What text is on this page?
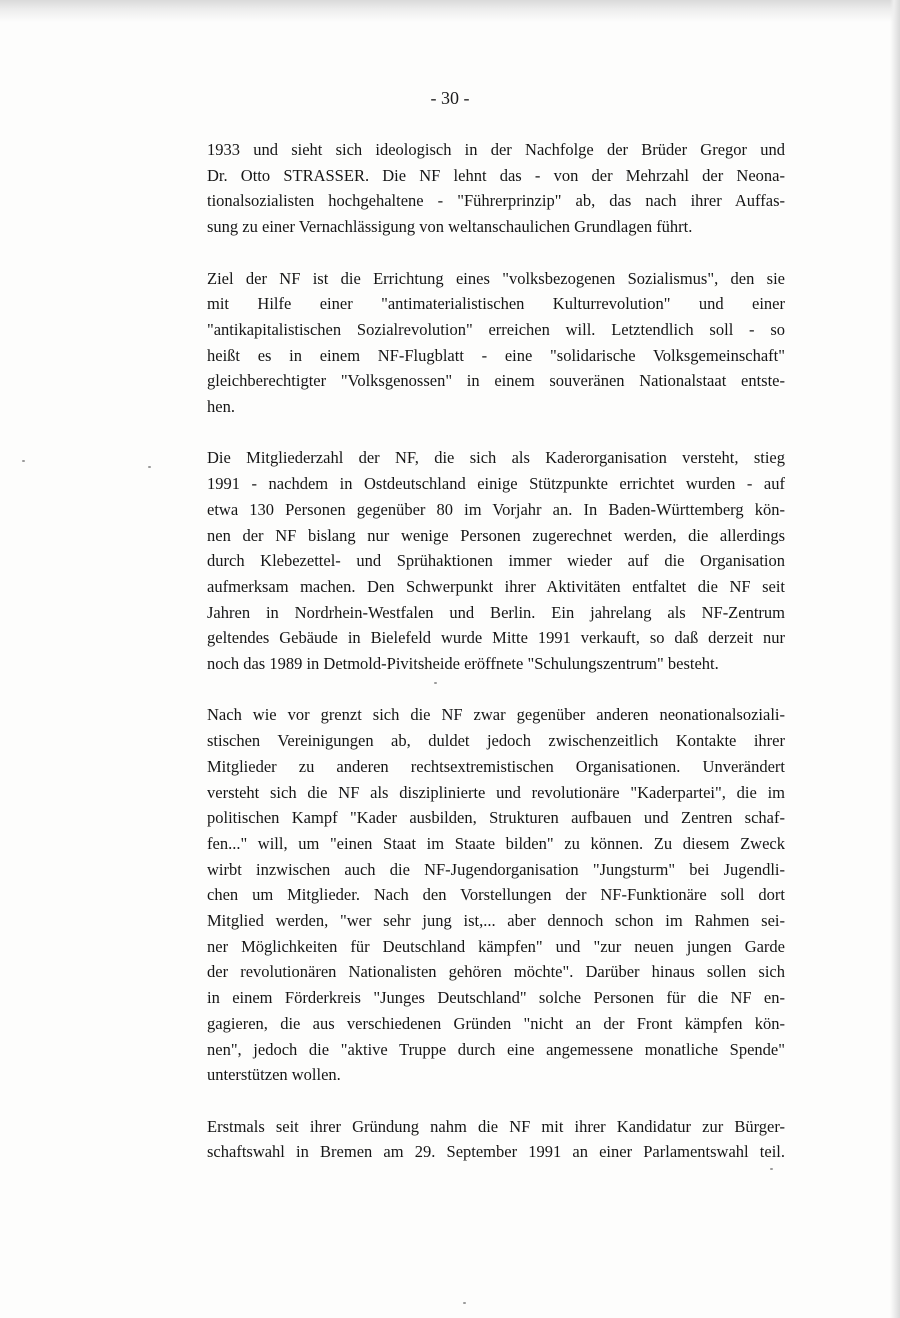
- 30 -
1933 und sieht sich ideologisch in der Nachfolge der Brüder Gregor und
Dr. Otto STRASSER. Die NF lehnt das - von der Mehrzahl der Neona-
tionalsozialisten hochgehaltene - "Führerprinzip" ab, das nach ihrer Auffas-
sung zu einer Vernachlässigung von weltanschaulichen Grundlagen führt.
Ziel der NF ist die Errichtung eines "volksbezogenen Sozialismus", den sie
mit Hilfe einer "antimaterialistischen Kulturrevolution" und einer
"antikapitalistischen Sozialrevolution" erreichen will. Letztendlich soll - so
heißt es in einem NF-Flugblatt - eine "solidarische Volksgemeinschaft"
gleichberechtigter "Volksgenossen" in einem souveränen Nationalstaat entste-
hen.
Die Mitgliederzahl der NF, die sich als Kaderorganisation versteht, stieg
1991 - nachdem in Ostdeutschland einige Stützpunkte errichtet wurden - auf
etwa 130 Personen gegenüber 80 im Vorjahr an. In Baden-Württemberg kön-
nen der NF bislang nur wenige Personen zugerechnet werden, die allerdings
durch Klebezettel- und Sprühaktionen immer wieder auf die Organisation
aufmerksam machen. Den Schwerpunkt ihrer Aktivitäten entfaltet die NF seit
Jahren in Nordrhein-Westfalen und Berlin. Ein jahrelang als NF-Zentrum
geltendes Gebäude in Bielefeld wurde Mitte 1991 verkauft, so daß derzeit nur
noch das 1989 in Detmold-Pivitsheide eröffnete "Schulungszentrum" besteht.
Nach wie vor grenzt sich die NF zwar gegenüber anderen neonationalsoziali-
stischen Vereinigungen ab, duldet jedoch zwischenzeitlich Kontakte ihrer
Mitglieder zu anderen rechtsextremistischen Organisationen. Unverändert
versteht sich die NF als disziplinierte und revolutionäre "Kaderpartei", die im
politischen Kampf "Kader ausbilden, Strukturen aufbauen und Zentren schaf-
fen..." will, um "einen Staat im Staate bilden" zu können. Zu diesem Zweck
wirbt inzwischen auch die NF-Jugendorganisation "Jungsturm" bei Jugendli-
chen um Mitglieder. Nach den Vorstellungen der NF-Funktionäre soll dort
Mitglied werden, "wer sehr jung ist,... aber dennoch schon im Rahmen sei-
ner Möglichkeiten für Deutschland kämpfen" und "zur neuen jungen Garde
der revolutionären Nationalisten gehören möchte". Darüber hinaus sollen sich
in einem Förderkreis "Junges Deutschland" solche Personen für die NF en-
gagieren, die aus verschiedenen Gründen "nicht an der Front kämpfen kön-
nen", jedoch die "aktive Truppe durch eine angemessene monatliche Spende"
unterstützen wollen.
Erstmals seit ihrer Gründung nahm die NF mit ihrer Kandidatur zur Bürger-
schaftswahl in Bremen am 29. September 1991 an einer Parlamentswahl teil.
